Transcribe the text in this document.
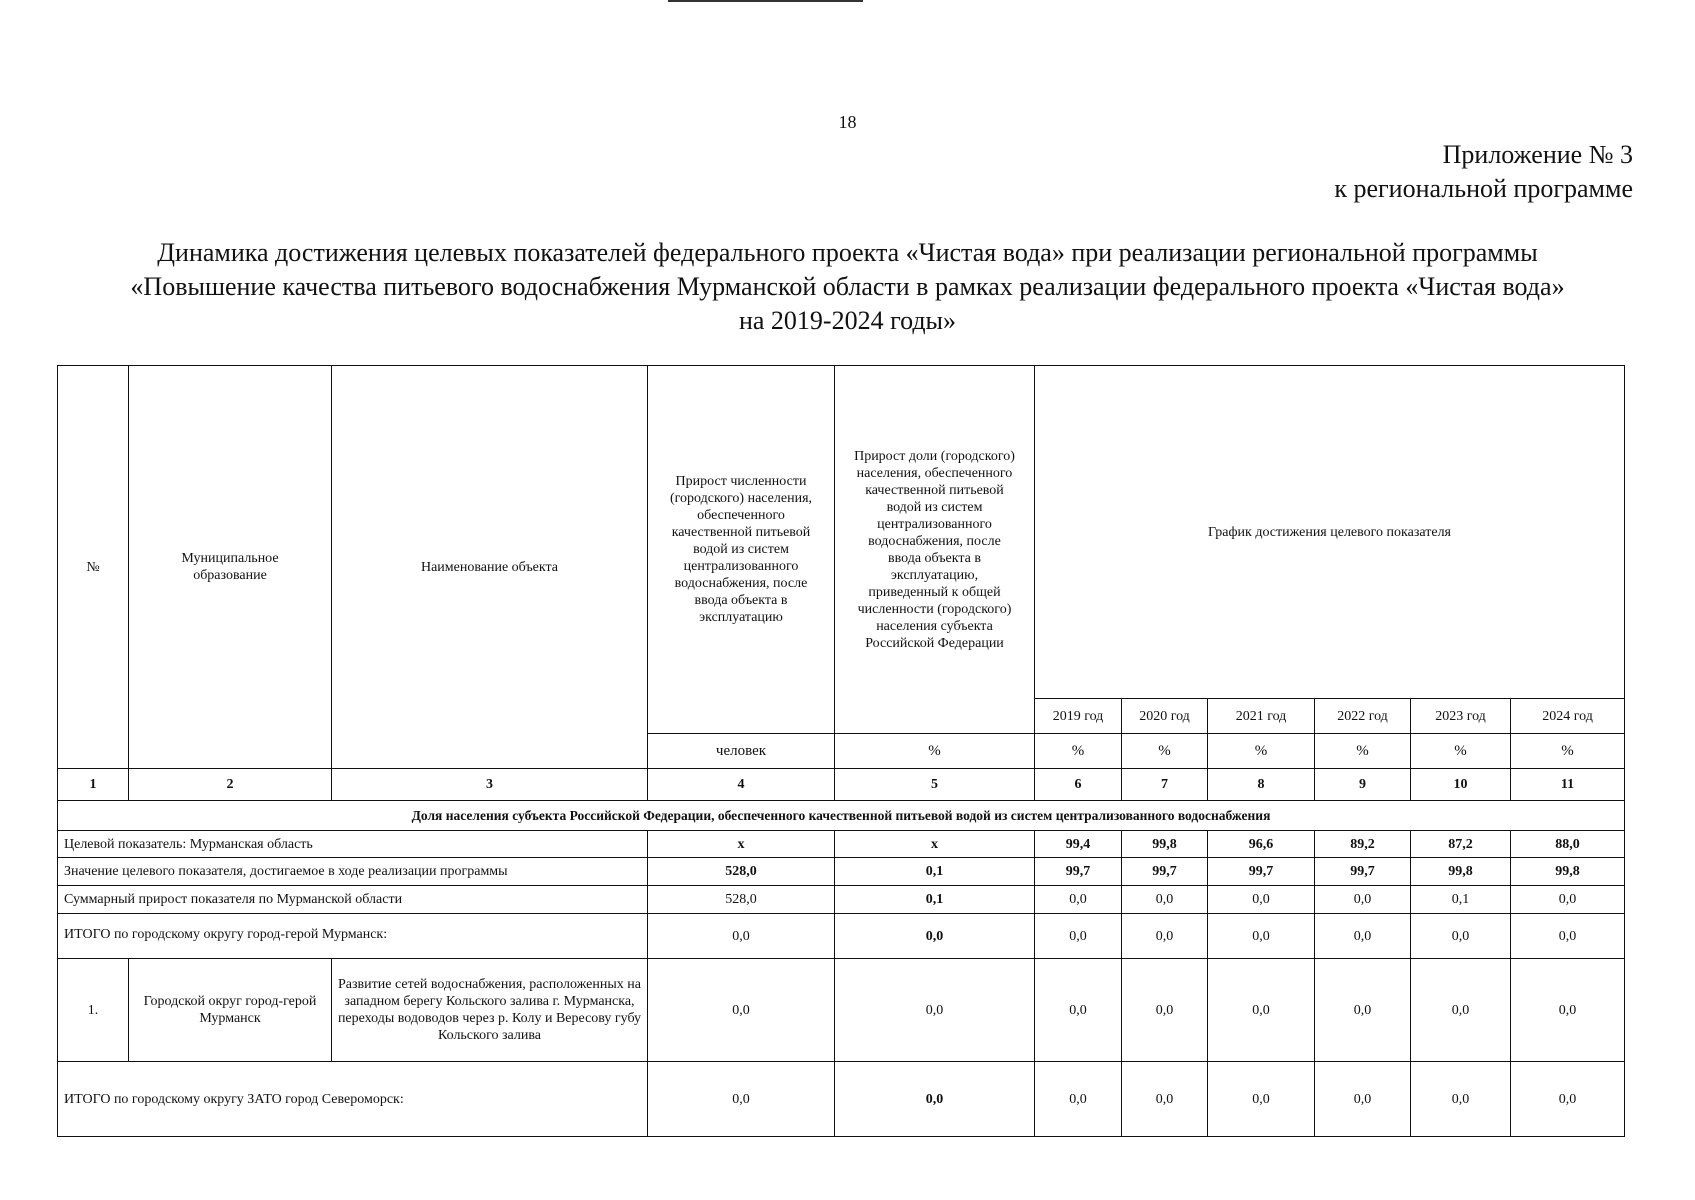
18
Приложение № 3
к региональной программе
Динамика достижения целевых показателей федерального проекта «Чистая вода» при реализации региональной программы
«Повышение качества питьевого водоснабжения Мурманской области в рамках реализации федерального проекта «Чистая вода»
на 2019-2024 годы»
№	Муниципальное образование	Наименование объекта	Прирост численности (городского) населения, обеспеченного качественной питьевой водой из систем централизованного водоснабжения, после ввода объекта в эксплуатацию	Прирост доли (городского) населения, обеспеченного качественной питьевой водой из систем централизованного водоснабжения, после ввода объекта в эксплуатацию, приведенный к общей численности (городского) населения субъекта Российской Федерации	График достижения целевого показателя					
					2019 год	2020 год	2021 год	2022 год	2023 год	2024 год
			человек	%	%	%	%	%	%	%
1	2	3	4	5	6	7	8	9	10	11
Доля населения субъекта Российской Федерации, обеспеченного качественной питьевой водой из систем централизованного водоснабжения										
Целевой показатель: Мурманская область			x	x	99,4	99,8	96,6	89,2	87,2	88,0
Значение целевого показателя, достигаемое в ходе реализации программы			528,0	0,1	99,7	99,7	99,7	99,7	99,8	99,8
Суммарный прирост показателя по Мурманской области			528,0	0,1	0,0	0,0	0,0	0,0	0,1	0,0
ИТОГО по городскому округу город-герой Мурманск:			0,0	0,0	0,0	0,0	0,0	0,0	0,0	0,0
1.	Городской округ город-герой Мурманск	Развитие сетей водоснабжения, расположенных на западном берегу Кольского залива г. Мурманска, переходы водоводов через р. Колу и Вересову губу Кольского залива	0,0	0,0	0,0	0,0	0,0	0,0	0,0	0,0
ИТОГО по городскому округу ЗАТО город Североморск:			0,0	0,0	0,0	0,0	0,0	0,0	0,0	0,0
